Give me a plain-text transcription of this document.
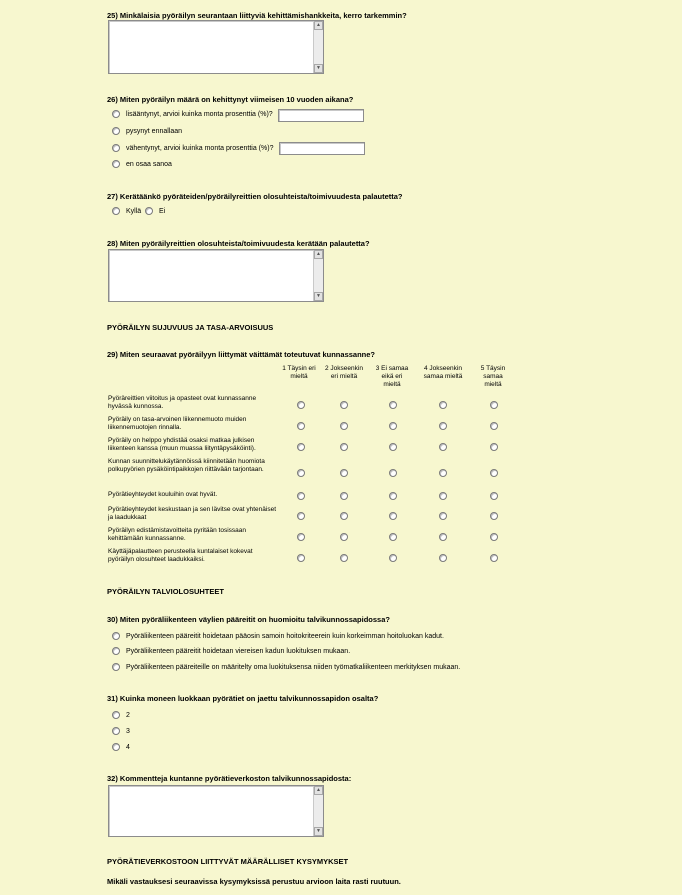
25) Minkälaisia pyöräilyn seurantaan liittyviä kehittämishankkeita, kerro tarkemmin?
▲
▼
26) Miten pyöräilyn määrä on kehittynyt viimeisen 10 vuoden aikana?
lisääntynyt, arvioi kuinka monta prosenttia (%)?
pysynyt ennallaan
vähentynyt, arvioi kuinka monta prosenttia (%)?
en osaa sanoa
27) Kerätäänkö pyöräteiden/pyöräilyreittien olosuhteista/toimivuudesta palautetta?
Kyllä	Ei
28) Miten pyöräilyreittien olosuhteista/toimivuudesta kerätään palautetta?
▲
▼
PYÖRÄILYN SUJUVUUS JA TASA-ARVOISUUS
29) Miten seuraavat pyöräilyyn liittymät väittämät toteutuvat kunnassanne?
1 Täysin eri mieltä
2 Jokseenkin eri mieltä
3 Ei samaa eikä eri mieltä
4 Jokseenkin samaa mieltä
5 Täysin samaa mieltä
Pyöräreittien viitoitus ja opasteet ovat kunnassanne hyvässä kunnossa.
Pyöräily on tasa-arvoinen liikennemuoto muiden liikennemuotojen rinnalla.
Pyöräily on helppo yhdistää osaksi matkaa julkisen liikenteen kanssa (muun muassa liityntäpysäköinti).
Kunnan suunnittelukäytännöissä kiinnitetään huomiota polkupyörien pysäköintipaikkojen riittävään tarjontaan.
Pyörätieyhteydet kouluihin ovat hyvät.
Pyörätieyhteydet keskustaan ja sen lävitse ovat yhtenäiset ja laadukkaat
Pyöräilyn edistämistavoitteita pyritään tosissaan kehittämään kunnassanne.
Käyttäjäpalautteen perusteella kuntalaiset kokevat pyöräilyn olosuhteet laadukkaiksi.
PYÖRÄILYN TALVIOLOSUHTEET
30) Miten pyöräliikenteen väylien pääreitit on huomioitu talvikunnossapidossa?
Pyöräliikenteen pääreitit hoidetaan pääosin samoin hoitokriteerein kuin korkeimman hoitoluokan kadut.
Pyöräliikenteen pääreitit hoidetaan viereisen kadun luokituksen mukaan.
Pyöräliikenteen pääreiteille on määritelty oma luokituksensa niiden työmatkaliikenteen merkityksen mukaan.
31) Kuinka moneen luokkaan pyörätiet on jaettu talvikunnossapidon osalta?
2
3
4
32) Kommentteja kuntanne pyörätieverkoston talvikunnossapidosta:
▲
▼
PYÖRÄTIEVERKOSTOON LIITTYVÄT MÄÄRÄLLISET KYSYMYKSET
Mikäli vastauksesi seuraavissa kysymyksissä perustuu arvioon laita rasti ruutuun.
